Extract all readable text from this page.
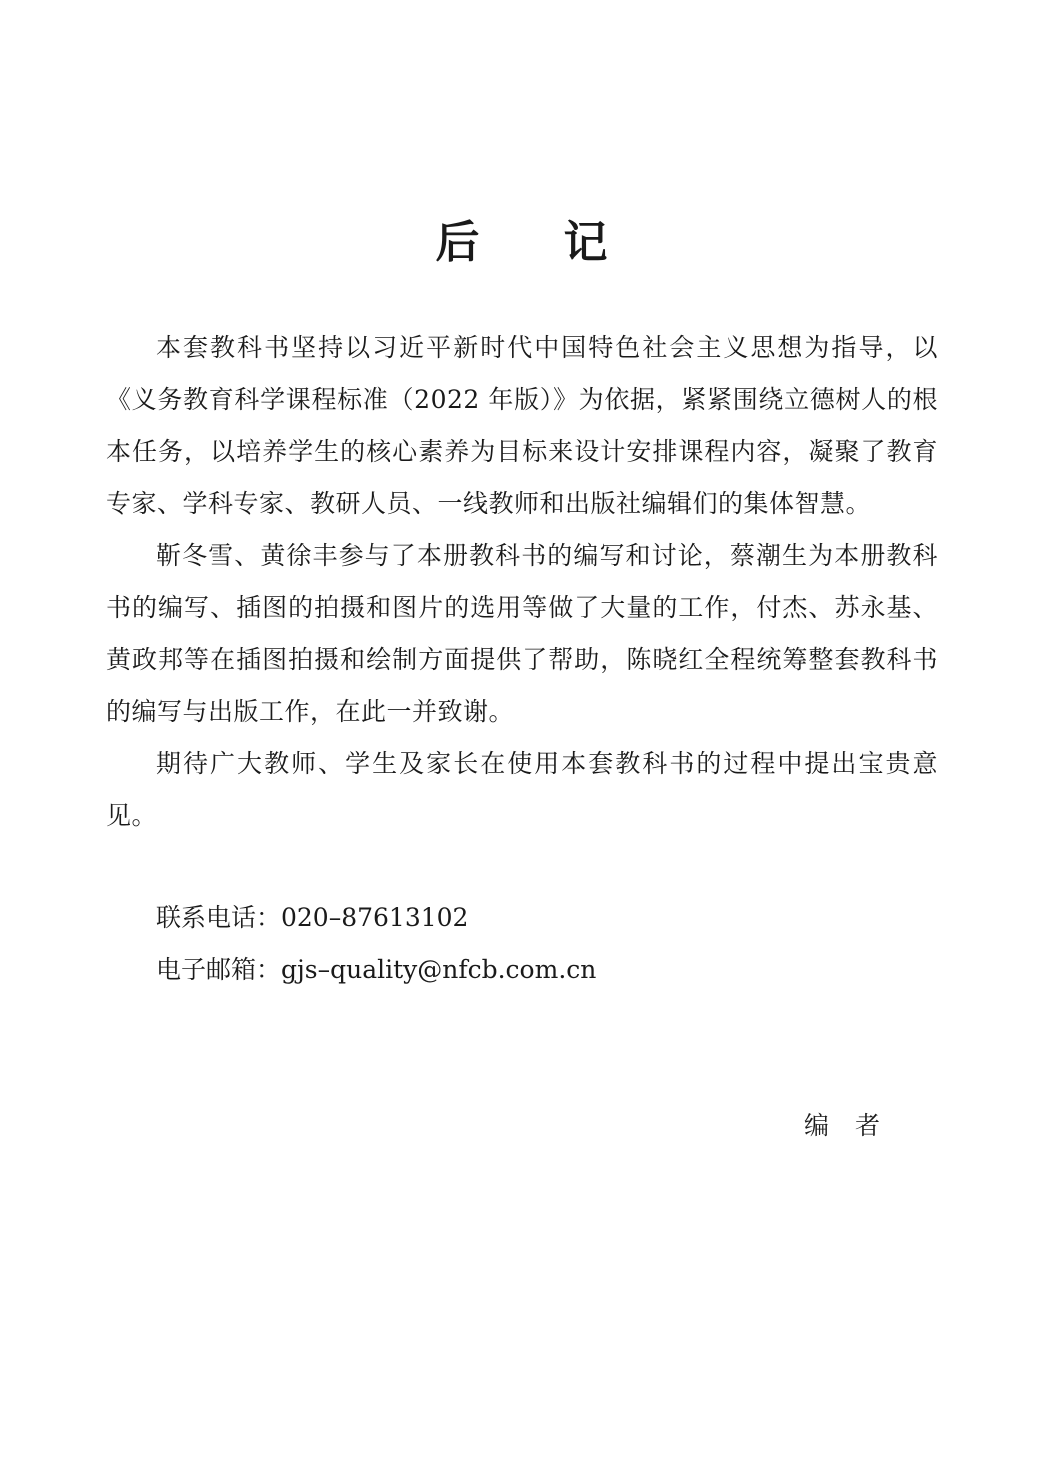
后记

本套教科书坚持以习近平新时代中国特色社会主义思想为指导，以《义务教育科学课程标准（2022 年版）》为依据，紧紧围绕立德树人的根本任务，以培养学生的核心素养为目标来设计安排课程内容，凝聚了教育专家、学科专家、教研人员、一线教师和出版社编辑们的集体智慧。

靳冬雪、黄徐丰参与了本册教科书的编写和讨论，蔡潮生为本册教科书的编写、插图的拍摄和图片的选用等做了大量的工作，付杰、苏永基、黄政邦等在插图拍摄和绘制方面提供了帮助，陈晓红全程统筹整套教科书的编写与出版工作，在此一并致谢。

期待广大教师、学生及家长在使用本套教科书的过程中提出宝贵意见。

联系电话：020–87613102
电子邮箱：gjs–quality@nfcb.com.cn
编者
